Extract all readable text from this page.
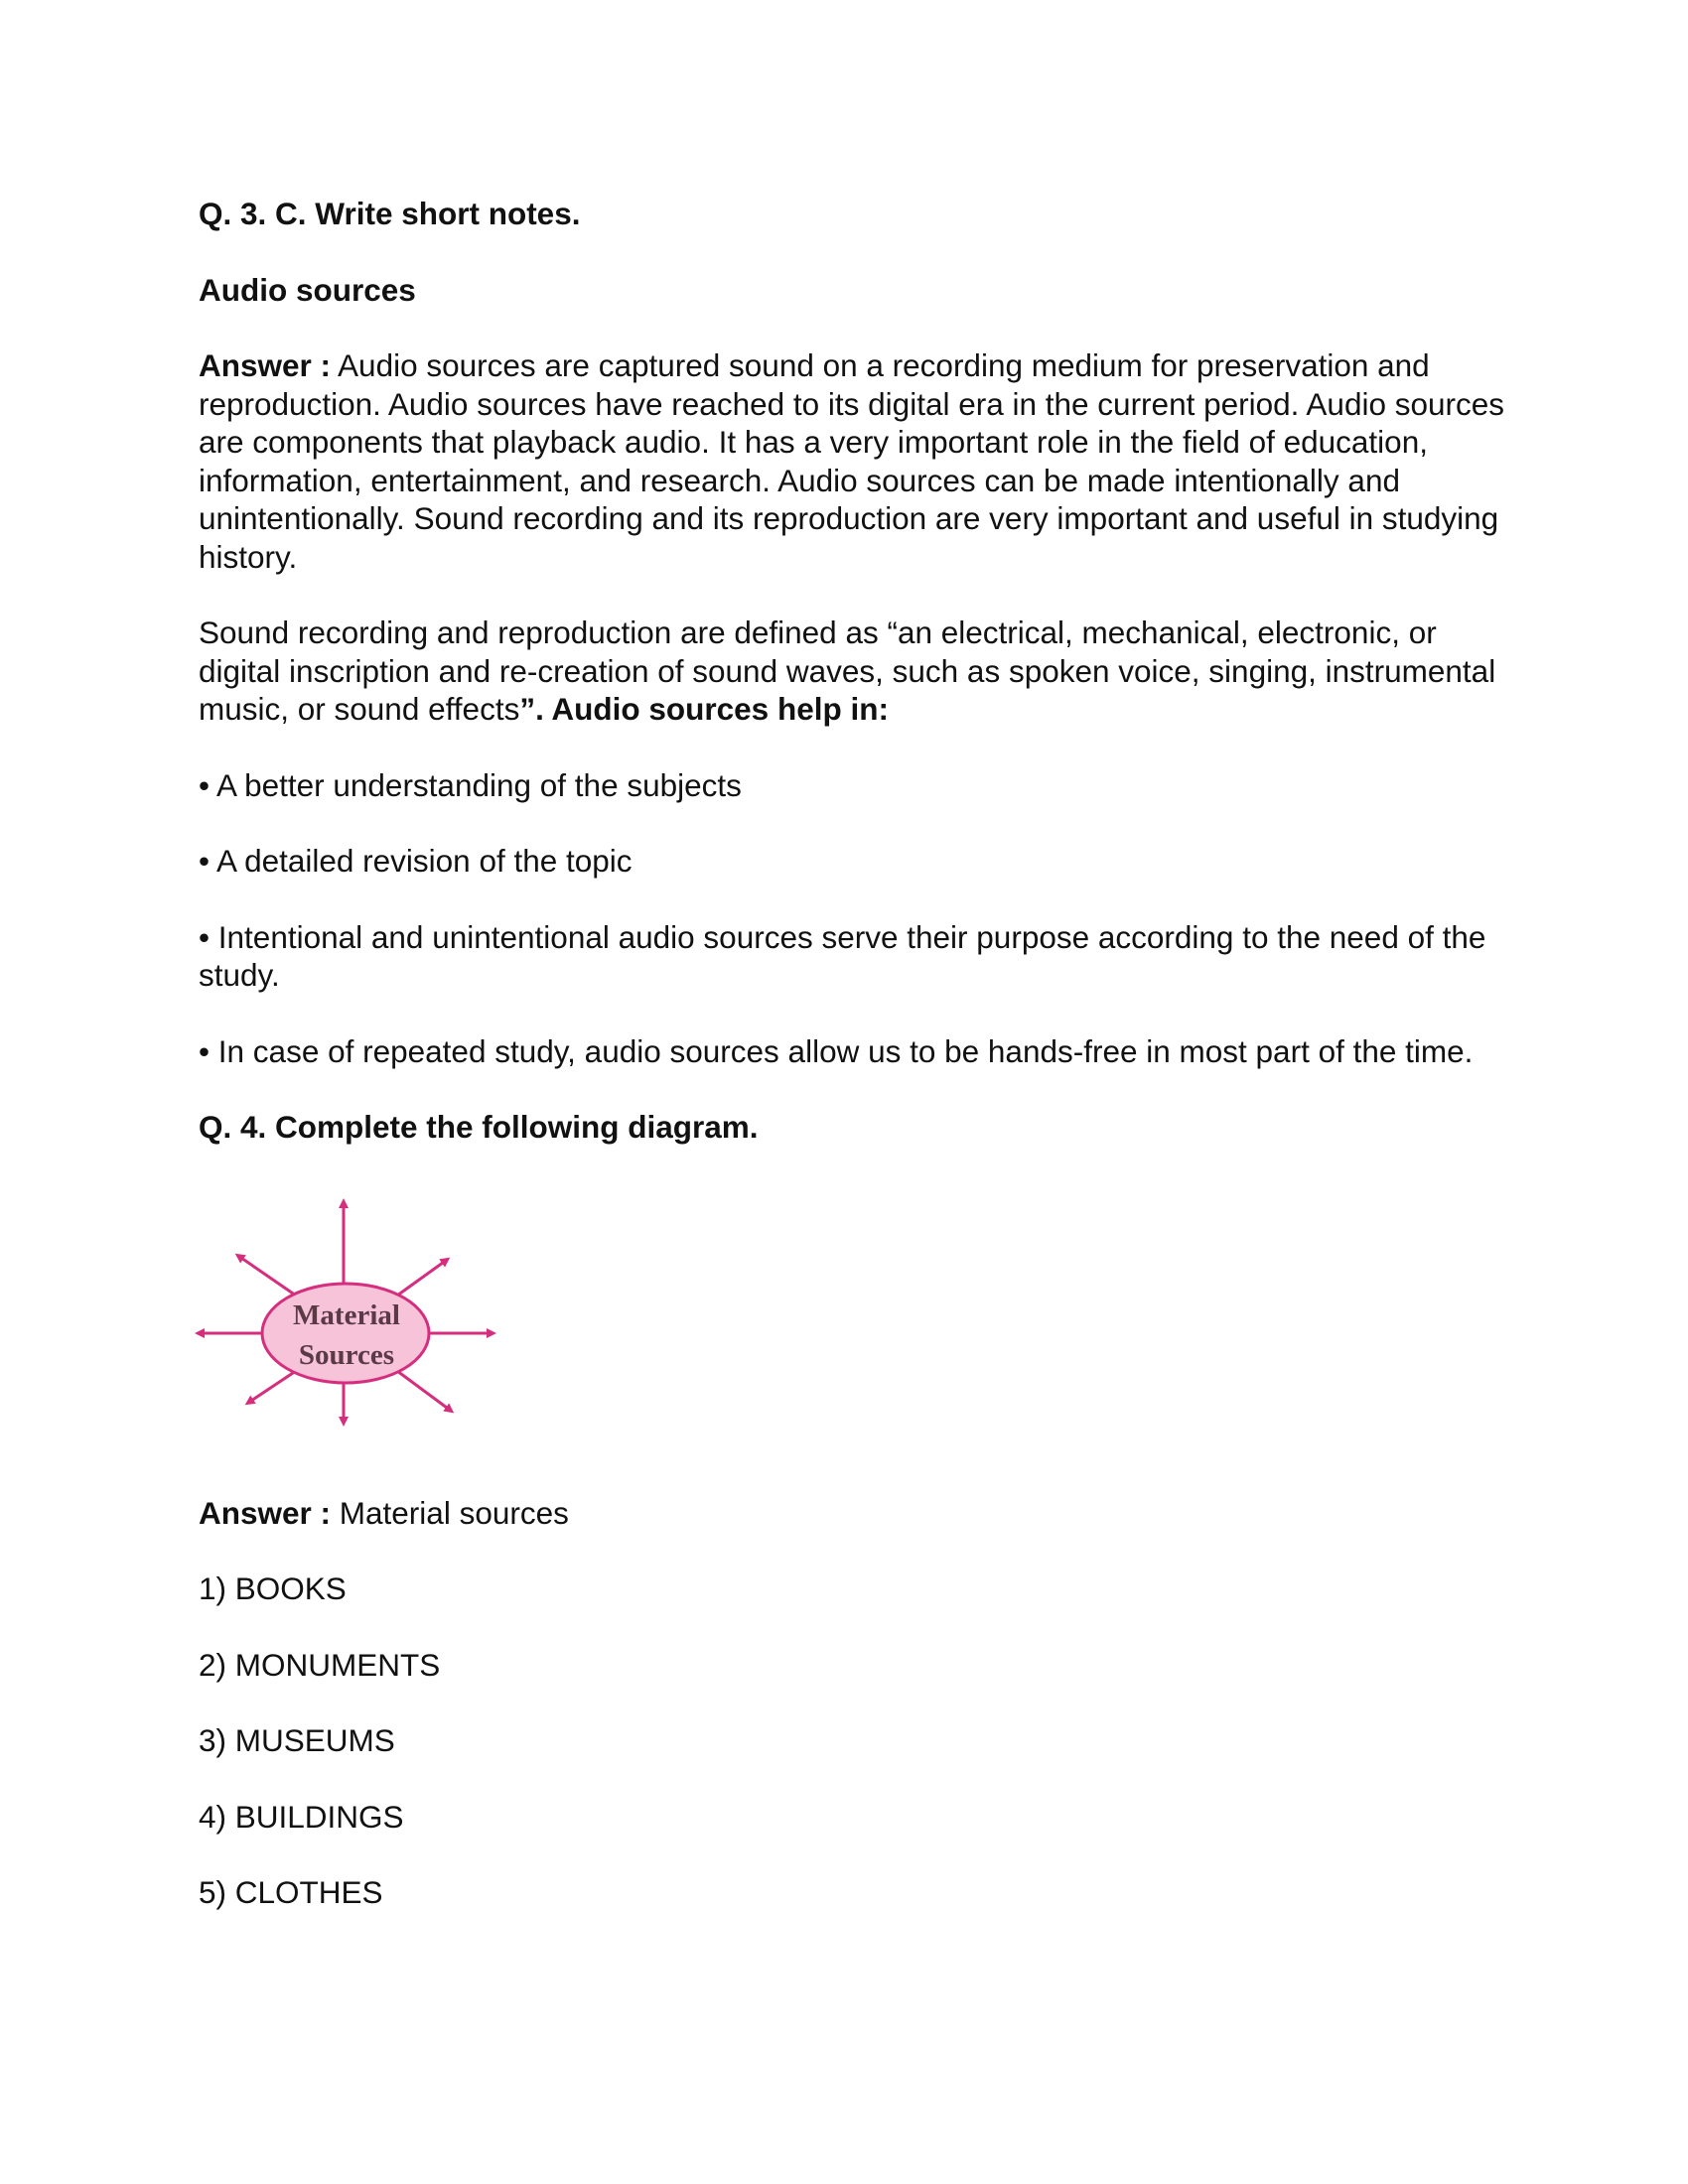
Q. 3. C. Write short notes.
Audio sources
Answer : Audio sources are captured sound on a recording medium for preservation and reproduction. Audio sources have reached to its digital era in the current period. Audio sources are components that playback audio. It has a very important role in the field of education, information, entertainment, and research. Audio sources can be made intentionally and unintentionally. Sound recording and its reproduction are very important and useful in studying history.
Sound recording and reproduction are defined as “an electrical, mechanical, electronic, or digital inscription and re-creation of sound waves, such as spoken voice, singing, instrumental music, or sound effects”. Audio sources help in:
• A better understanding of the subjects
• A detailed revision of the topic
• Intentional and unintentional audio sources serve their purpose according to the need of the study.
• In case of repeated study, audio sources allow us to be hands-free in most part of the time.
Q. 4. Complete the following diagram.
Material
Sources
Answer : Material sources
1) BOOKS
2) MONUMENTS
3) MUSEUMS
4) BUILDINGS
5) CLOTHES
